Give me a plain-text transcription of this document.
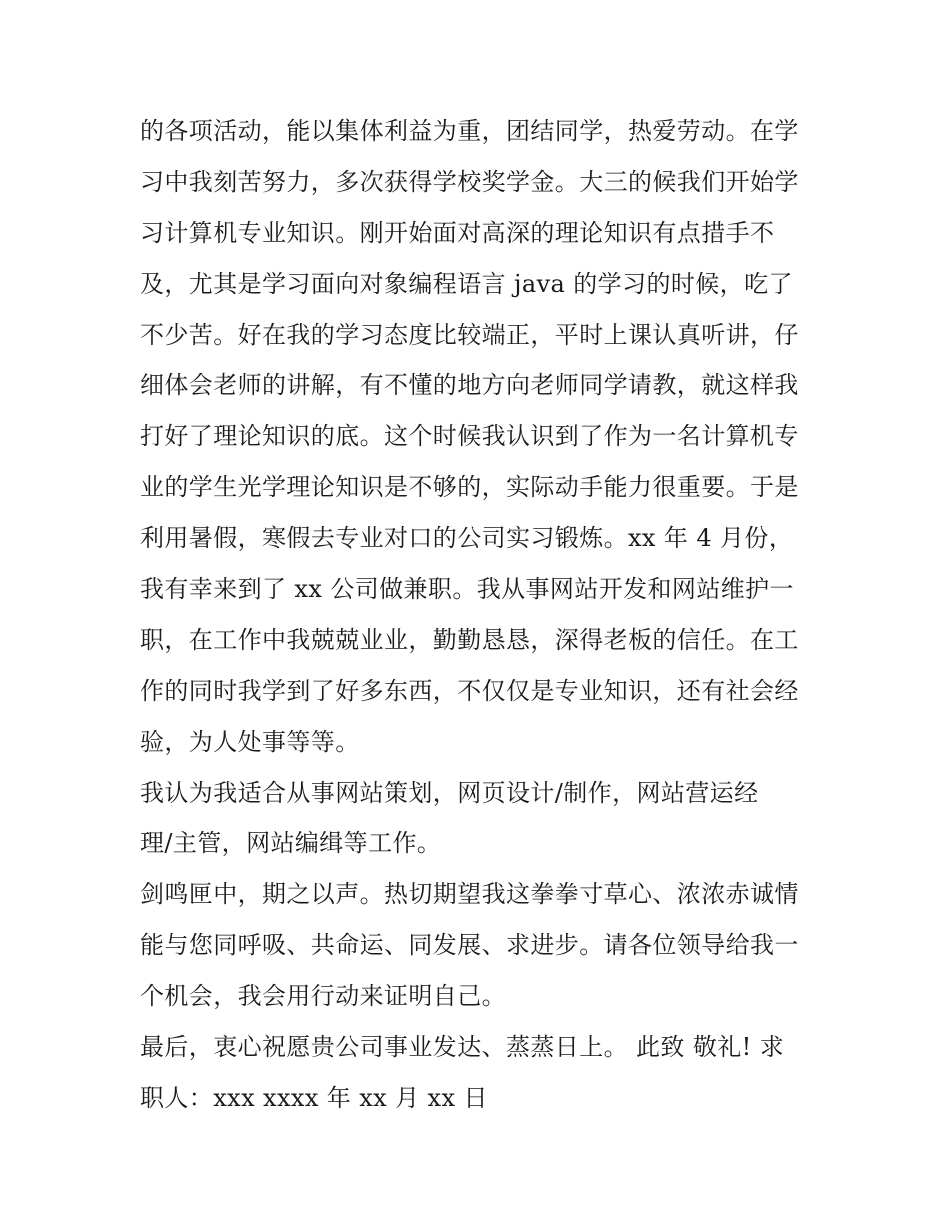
的各项活动，能以集体利益为重，团结同学，热爱劳动。在学
习中我刻苦努力，多次获得学校奖学金。大三的候我们开始学
习计算机专业知识。刚开始面对高深的理论知识有点措手不
及，尤其是学习面向对象编程语言 java 的学习的时候，吃了
不少苦。好在我的学习态度比较端正，平时上课认真听讲，仔
细体会老师的讲解，有不懂的地方向老师同学请教，就这样我
打好了理论知识的底。这个时候我认识到了作为一名计算机专
业的学生光学理论知识是不够的，实际动手能力很重要。于是
利用暑假，寒假去专业对口的公司实习锻炼。xx 年 4 月份，
我有幸来到了 xx 公司做兼职。我从事网站开发和网站维护一
职，在工作中我兢兢业业，勤勤恳恳，深得老板的信任。在工
作的同时我学到了好多东西，不仅仅是专业知识，还有社会经
验，为人处事等等。
我认为我适合从事网站策划，网页设计/制作，网站营运经
理/主管，网站编缉等工作。
剑鸣匣中，期之以声。热切期望我这拳拳寸草心、浓浓赤诚情
能与您同呼吸、共命运、同发展、求进步。请各位领导给我一
个机会，我会用行动来证明自己。
最后，衷心祝愿贵公司事业发达、蒸蒸日上。 此致 敬礼! 求
职人：xxx xxxx 年 xx 月 xx 日
